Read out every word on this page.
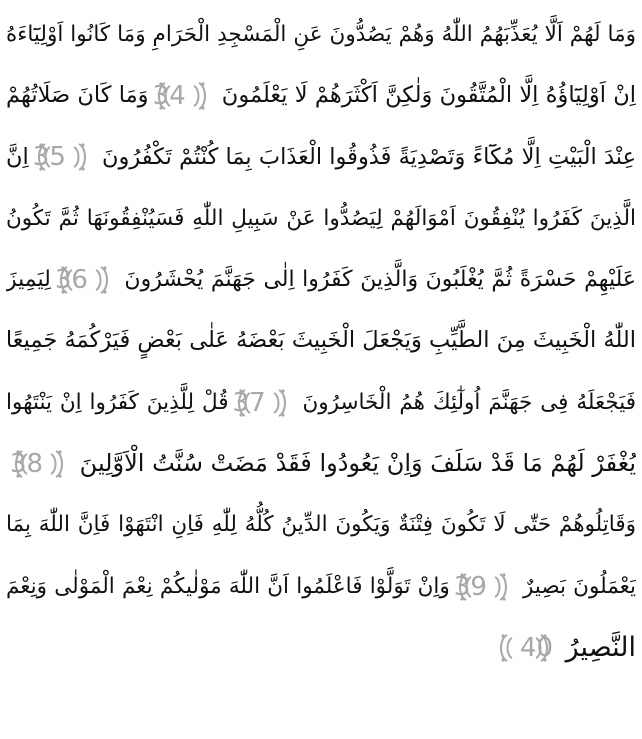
وَمَا لَهُمْ اَلَّا يُعَذِّبَهُمُ اللّٰهُ وَهُمْ يَصُدُّونَ عَنِ الْمَسْجِدِ الْحَرَامِ وَمَا كَانُوا اَوْلِيَٓاءَهُ
اِنْ اَوْلِيَٓاؤُهُ اِلَّا الْمُتَّقُونَ وَلٰكِنَّ اَكْثَرَهُمْ لَا يَعْلَمُونَ
34
وَمَا كَانَ صَلَاتُهُمْ
عِنْدَ الْبَيْتِ اِلَّا مُكَٓاءً وَتَصْدِيَةً فَذُوقُوا الْعَذَابَ بِمَا كُنْتُمْ تَكْفُرُونَ
35
اِنَّ
الَّذِينَ كَفَرُوا يُنْفِقُونَ اَمْوَالَهُمْ لِيَصُدُّوا عَنْ سَبِيلِ اللّٰهِ فَسَيُنْفِقُونَهَا ثُمَّ تَكُونُ
عَلَيْهِمْ حَسْرَةً ثُمَّ يُغْلَبُونَ وَالَّذِينَ كَفَرُوا اِلٰى جَهَنَّمَ يُحْشَرُونَ
36
لِيَمِيزَ
اللّٰهُ الْخَبِيثَ مِنَ الطَّيِّبِ وَيَجْعَلَ الْخَبِيثَ بَعْضَهُ عَلٰى بَعْضٍ فَيَرْكُمَهُ جَمِيعًا
فَيَجْعَلَهُ فِى جَهَنَّمَ اُولٰٓئِكَ هُمُ الْخَاسِرُونَ
37
قُلْ لِلَّذِينَ كَفَرُوا اِنْ يَنْتَهُوا
يُغْفَرْ لَهُمْ مَا قَدْ سَلَفَ وَاِنْ يَعُودُوا فَقَدْ مَضَتْ سُنَّتُ الْاَوَّلِينَ
38
وَقَاتِلُوهُمْ حَتّٰى لَا تَكُونَ فِتْنَةٌ وَيَكُونَ الدِّينُ كُلُّهُ لِلّٰهِ فَاِنِ انْتَهَوْا فَاِنَّ اللّٰهَ بِمَا
يَعْمَلُونَ بَصِيرٌ
39
وَاِنْ تَوَلَّوْا فَاعْلَمُوا اَنَّ اللّٰهَ مَوْلٰيكُمْ نِعْمَ الْمَوْلٰى وَنِعْمَ
النَّصِيرُ
40
